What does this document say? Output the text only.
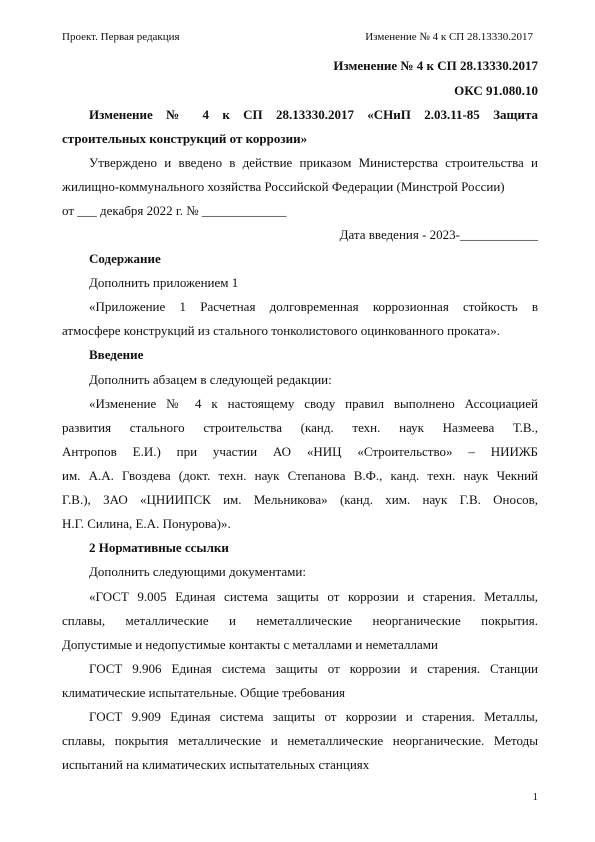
Проект. Первая редакция	Изменение № 4 к СП 28.13330.2017
Изменение № 4 к СП 28.13330.2017
ОКС 91.080.10
Изменение № 4 к СП 28.13330.2017 «СНиП 2.03.11-85 Защита
строительных конструкций от коррозии»
Утверждено и введено в действие приказом Министерства строительства и
жилищно-коммунального хозяйства Российской Федерации (Минстрой России)
от ___ декабря 2022 г. № _____________
Дата введения - 2023-____________
Содержание
Дополнить приложением 1
«Приложение 1 Расчетная долговременная коррозионная стойкость в
атмосфере конструкций из стального тонколистового оцинкованного проката».
Введение
Дополнить абзацем в следующей редакции:
«Изменение № 4 к настоящему своду правил выполнено Ассоциацией
развития стального строительства (канд. техн. наук Назмеева Т.В.,
Антропов Е.И.) при участии АО «НИЦ «Строительство» – НИИЖБ
им. А.А. Гвоздева (докт. техн. наук Степанова В.Ф., канд. техн. наук Чекний
Г.В.), ЗАО «ЦНИИПСК им. Мельникова» (канд. хим. наук Г.В. Оносов,
Н.Г. Силина, Е.А. Понурова)».
2 Нормативные ссылки
Дополнить следующими документами:
«ГОСТ 9.005 Единая система защиты от коррозии и старения. Металлы,
сплавы, металлические и неметаллические неорганические покрытия.
Допустимые и недопустимые контакты с металлами и неметаллами
ГОСТ 9.906 Единая система защиты от коррозии и старения. Станции
климатические испытательные. Общие требования
ГОСТ 9.909 Единая система защиты от коррозии и старения. Металлы,
сплавы, покрытия металлические и неметаллические неорганические. Методы
испытаний на климатических испытательных станциях
1
